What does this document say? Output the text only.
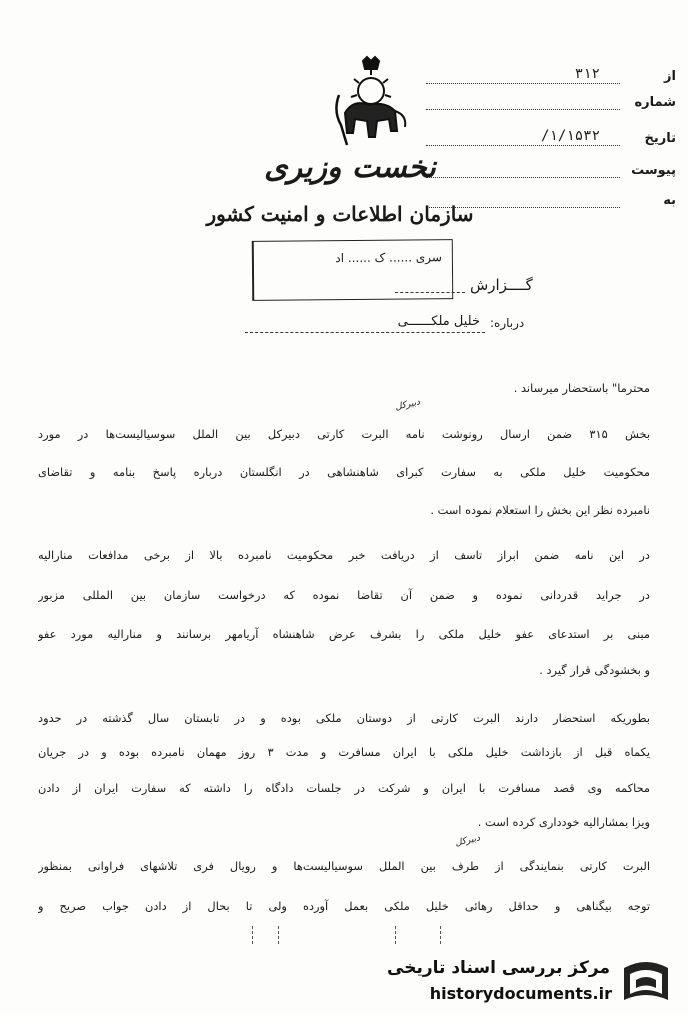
از
۳۱۲
شماره
تاریخ
۱/۱۵۳۲/
پیوست
به
نخست وزیری
سازمان اطلاعات و امنیت کشور
سری ...... ک ...... اد
گــــزارش
درباره:
خلیل ملکــــــی
محترما" باستحضار میرساند .
بخش ۳۱۵ ضمن ارسال رونوشت نامه البرت کارتی دبیرکل بین الملل سوسیالیست‌ها در مورد
محکومیت خلیل ملکی به سفارت کبرای شاهنشاهی در انگلستان درباره پاسخ بنامه و تقاضای
نامبرده نظر این بخش را استعلام نموده است .
در این نامه ضمن ابراز تاسف از دریافت خبر محکومیت نامبرده بالا از برخی مدافعات منارالیه
در جراید قدردانی نموده و ضمن آن تقاضا نموده که درخواست سازمان بین المللی مزبور
مبنی بر استدعای عفو خلیل ملکی را بشرف عرض شاهنشاه آریامهر برسانند و منارالیه مورد عفو
و بخشودگی قرار گیرد .
بطوریکه استحضار دارند البرت کارتی از دوستان ملکی بوده و در تابستان سال گذشته در حدود
یکماه قبل از بازداشت خلیل ملکی با ایران مسافرت و مدت ۳ روز مهمان نامبرده بوده و در جریان
محاکمه وی قصد مسافرت با ایران و شرکت در جلسات دادگاه را داشته که سفارت ایران از دادن
ویزا بمشارالیه خودداری کرده است .
البرت کارتی بنمایندگی از طرف بین الملل سوسیالیست‌ها و رویال فری تلاشهای فراوانی بمنظور
توجه بیگناهی و حداقل رهائی خلیل ملکی بعمل آورده ولی تا بحال از دادن جواب صریح و
دبیرکل
دبیرکل
مرکز بررسی اسناد تاریخی
historydocuments.ir
